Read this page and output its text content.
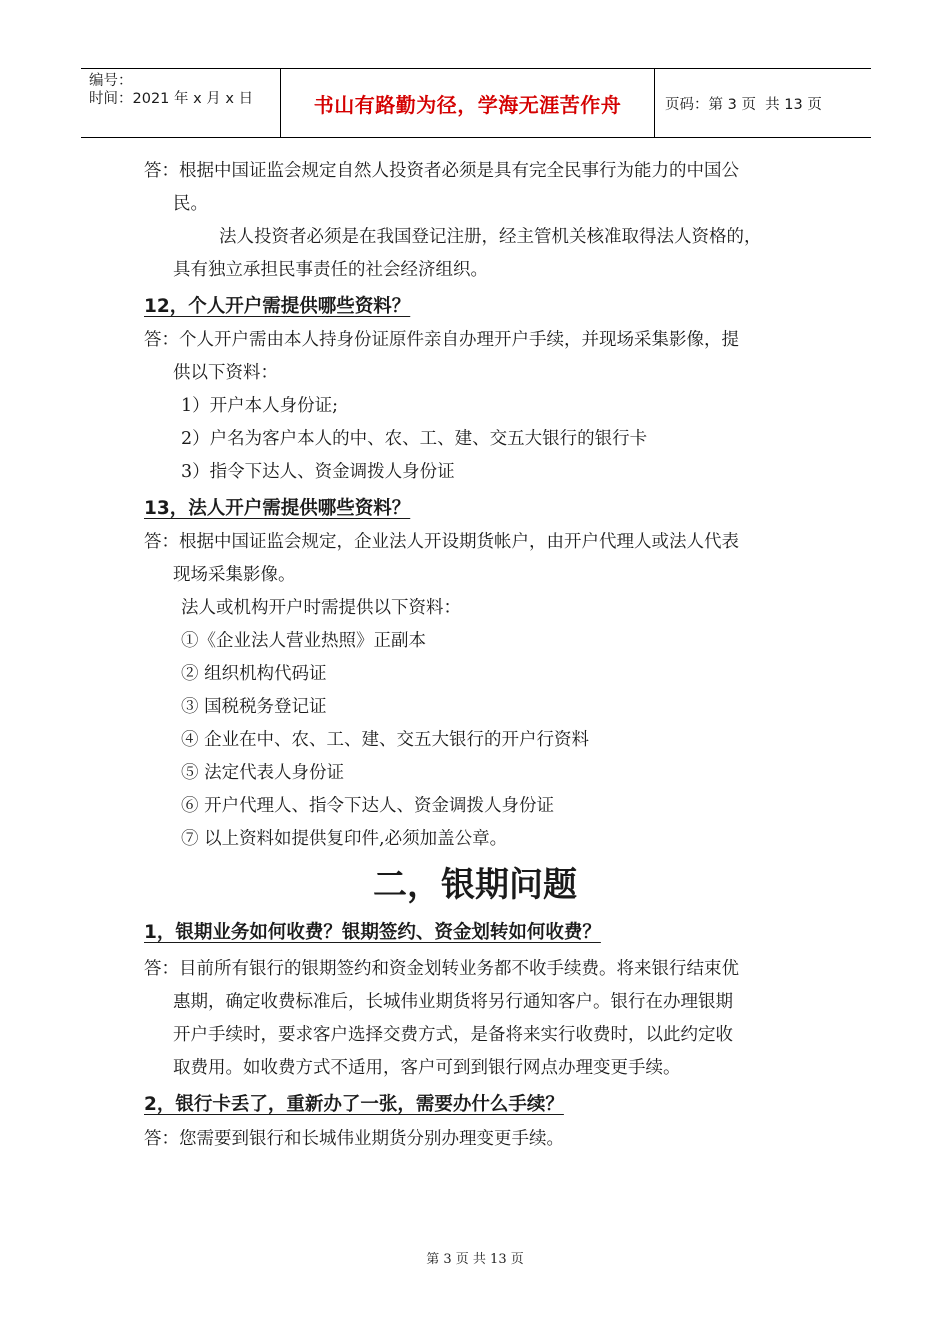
编号：
时间：2021 年 x 月 x 日	书山有路勤为径，学海无涯苦作舟	页码：第 3 页  共 13 页
答：根据中国证监会规定自然人投资者必须是具有完全民事行为能力的中国公
民。
法人投资者必须是在我国登记注册，经主管机关核准取得法人资格的，
具有独立承担民事责任的社会经济组织。
12，个人开户需提供哪些资料？
答：个人开户需由本人持身份证原件亲自办理开户手续，并现场采集影像，提
供以下资料：
1）开户本人身份证;
2）户名为客户本人的中、农、工、建、交五大银行的银行卡
3）指令下达人、资金调拨人身份证
13，法人开户需提供哪些资料？
答：根据中国证监会规定，企业法人开设期货帐户，由开户代理人或法人代表
现场采集影像。
法人或机构开户时需提供以下资料：
①《企业法人营业热照》正副本
② 组织机构代码证
③ 国税税务登记证
④ 企业在中、农、工、建、交五大银行的开户行资料
⑤ 法定代表人身份证
⑥ 开户代理人、指令下达人、资金调拨人身份证
⑦ 以上资料如提供复印件,必须加盖公章。
二，银期问题
1，银期业务如何收费？银期签约、资金划转如何收费？
答：目前所有银行的银期签约和资金划转业务都不收手续费。将来银行结束优
惠期，确定收费标准后，长城伟业期货将另行通知客户。银行在办理银期
开户手续时，要求客户选择交费方式，是备将来实行收费时，以此约定收
取费用。如收费方式不适用，客户可到到银行网点办理变更手续。
2，银行卡丢了，重新办了一张，需要办什么手续？
答：您需要到银行和长城伟业期货分别办理变更手续。
第 3 页 共 13 页
